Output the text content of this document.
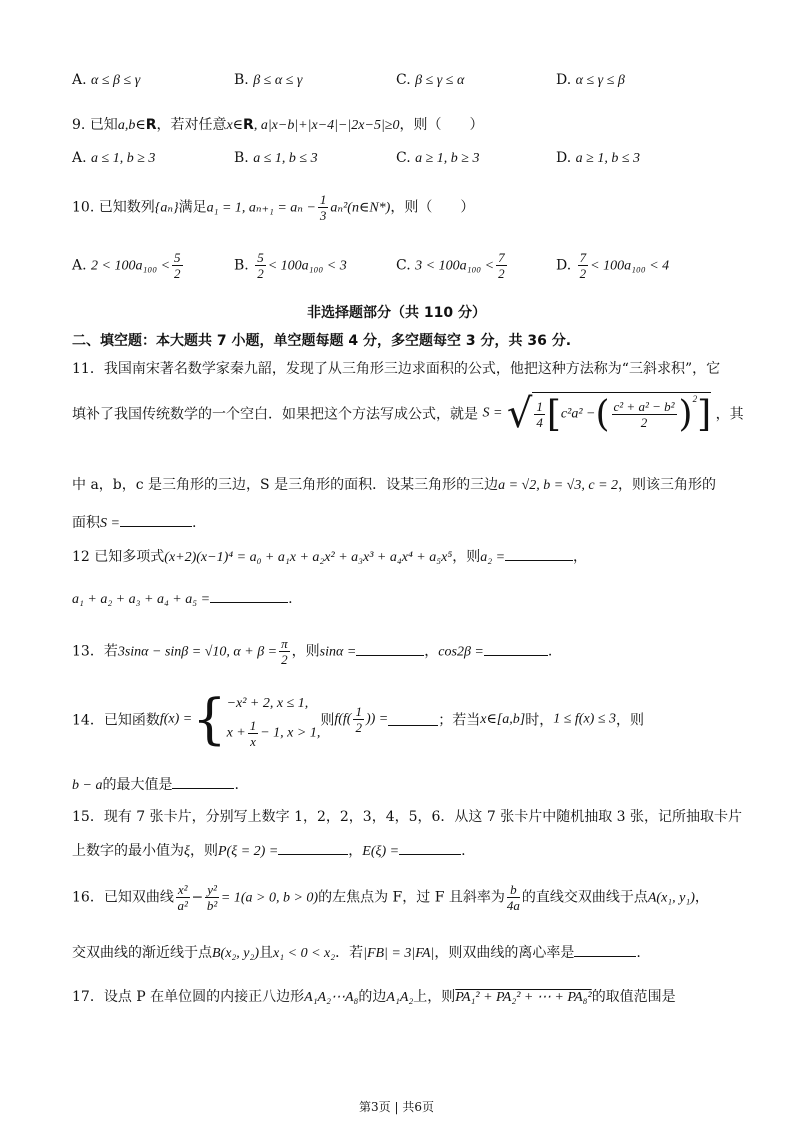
A. α ≤ β ≤ γ	B. β ≤ α ≤ γ	C. β ≤ γ ≤ α	D. α ≤ γ ≤ β
9. 已知a,b∈R，若对任意x∈R, a|x−b|+|x−4|−|2x−5|≥0，则（　　）
A. a ≤ 1, b ≥ 3	B. a ≤ 1, b ≤ 3	C. a ≥ 1, b ≥ 3	D. a ≥ 1, b ≤ 3
10. 已知数列{aₙ}满足a₁ = 1, $a_{n+1} = a_n - \frac{1}{3}$ aₙ²(n∈N*)，则（　　）
A. $2 < 100a_{100} < \frac{5}{2}$	B. $\frac{5}{2} < 100a_{100} < 3$	C. $3 < 100a_{100} < \frac{7}{2}$	D. $\frac{7}{2} < 100a_{100} < 4$
非选择题部分（共 110 分）
二、填空题：本大题共 7 小题，单空题每题 4 分，多空题每空 3 分，共 36 分.
11．我国南宋著名数学家秦九韶，发现了从三角形三边求面积的公式，他把这种方法称为“三斜求积”，它
填补了我国传统数学的一个空白．如果把这个方法写成公式，就是 S = √ $\frac{1}{4} [c^2a^2$ −( $\frac{\text{c² + a² − b²}}{2} )^2$] ，其
中 a，b，c 是三角形的三边，S 是三角形的面积．设某三角形的三边a = √2, b = √3, c = 2，则该三角形的
面积S =	.
12 已知多项式(x+2)(x−1)⁴ = a₀ + a₁x + a₂x² + a₃x³ + a₄x⁴ + a₅x⁵，则a₂ =	，
a₁ + a₂ + a₃ + a₄ + a₅ =	.
13．若3sinα − sinβ = √10, $\alpha + \beta = \frac{\pi}{2}$ ，则sinα =	，cos2β =	.
14．已知函数f(x) ={ −x² + 2, x ≤ 1,
$x + \frac{1}{x} - 1$, x > 1,
则$f(f( \frac{1}{2}$ )) =	；若当x∈[a,b]时，1 ≤ f(x) ≤ 3，则
b − a的最大值是	.
15．现有 7 张卡片，分别写上数字 1，2，2，3，4，5，6．从这 7 张卡片中随机抽取 3 张，记所抽取卡片
上数字的最小值为ξ，则P(ξ = 2) =	，E(ξ) =	.
16．已知双曲线 $\frac{\text{x²}}{\text{a²}} - \frac{\text{y²}}{\text{b²}} = 1(a > 0$, b > 0)的左焦点为 F，过 F 且斜率为 $\frac{b}{4a}$ 的直线交双曲线于点A(x₁, y₁)，
交双曲线的渐近线于点B(x₂, y₂)且x₁ < 0 < x₂．若|FB| = 3|FA|，则双曲线的离心率是	.
17．设点 P 在单位圆的内接正八边形A₁A₂⋯A₈的边A₁A₂上，则PA₁² + PA₂² + ⋯ + PA₈²的取值范围是
第3页 | 共6页
